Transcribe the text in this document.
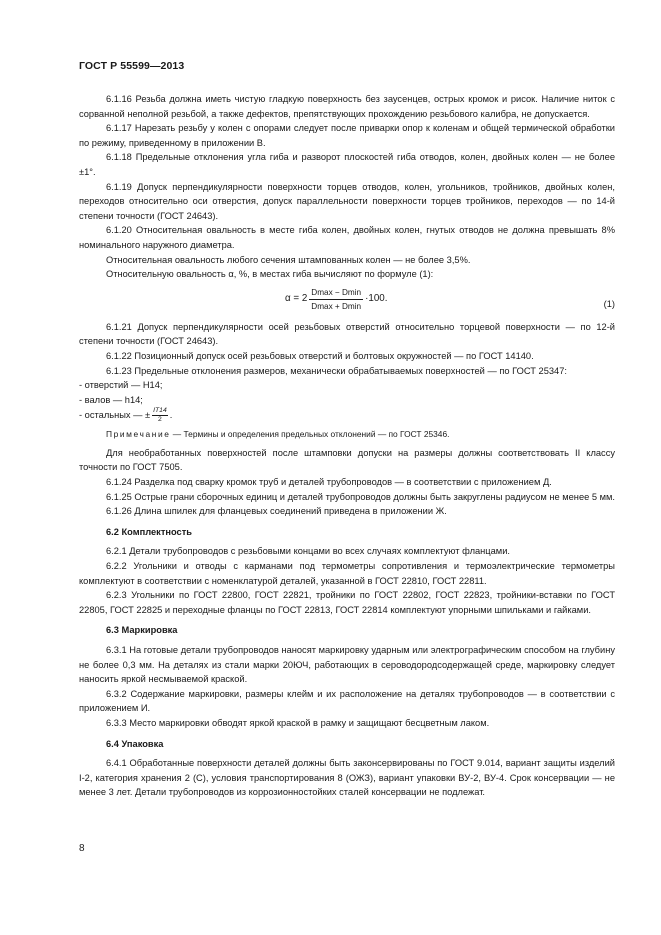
ГОСТ Р 55599—2013

6.1.16 Резьба должна иметь чистую гладкую поверхность без заусенцев, острых кромок и рисок. Наличие ниток с сорванной неполной резьбой, а также дефектов, препятствующих прохождению резьбового калибра, не допускается.

6.1.17 Нарезать резьбу у колен с опорами следует после приварки опор к коленам и общей термической обработки по режиму, приведенному в приложении В.

6.1.18 Предельные отклонения угла гиба и разворот плоскостей гиба отводов, колен, двойных колен — не более ±1°.

6.1.19 Допуск перпендикулярности поверхности торцев отводов, колен, угольников, тройников, двойных колен, переходов относительно оси отверстия, допуск параллельности поверхности торцев тройников, переходов — по 14-й степени точности (ГОСТ 24643).

6.1.20 Относительная овальность в месте гиба колен, двойных колен, гнутых отводов не должна превышать 8% номинального наружного диаметра.

Относительная овальность любого сечения штампованных колен — не более 3,5%.

Относительную овальность α, %, в местах гиба вычисляют по формуле (1):

$\alpha = 2 \frac{Dmax - Dmin}{Dmax + Dmin} \cdot 100$.	(1)

6.1.21 Допуск перпендикулярности осей резьбовых отверстий относительно торцевой поверхности — по 12-й степени точности (ГОСТ 24643).

6.1.22 Позиционный допуск осей резьбовых отверстий и болтовых окружностей — по ГОСТ 14140.

6.1.23 Предельные отклонения размеров, механически обрабатываемых поверхностей — по ГОСТ 25347:

- отверстий — H14;

- валов — h14;

- остальных — ± $\frac{IT14}{2}$ .

Примечание — Термины и определения предельных отклонений — по ГОСТ 25346.

Для необработанных поверхностей после штамповки допуски на размеры должны соответствовать II классу точности по ГОСТ 7505.

6.1.24 Разделка под сварку кромок труб и деталей трубопроводов — в соответствии с приложением Д.

6.1.25 Острые грани сборочных единиц и деталей трубопроводов должны быть закруглены радиусом не менее 5 мм.

6.1.26 Длина шпилек для фланцевых соединений приведена в приложении Ж.

6.2 Комплектность

6.2.1 Детали трубопроводов с резьбовыми концами во всех случаях комплектуют фланцами.

6.2.2 Угольники и отводы с карманами под термометры сопротивления и термоэлектрические термометры комплектуют в соответствии с номенклатурой деталей, указанной в ГОСТ 22810, ГОСТ 22811.

6.2.3 Угольники по ГОСТ 22800, ГОСТ 22821, тройники по ГОСТ 22802, ГОСТ 22823, тройники-вставки по ГОСТ 22805, ГОСТ 22825 и переходные фланцы по ГОСТ 22813, ГОСТ 22814 комплектуют упорными шпильками и гайками.

6.3 Маркировка

6.3.1 На готовые детали трубопроводов наносят маркировку ударным или электрографическим способом на глубину не более 0,3 мм. На деталях из стали марки 20ЮЧ, работающих в сероводородсодержащей среде, маркировку следует наносить яркой несмываемой краской.

6.3.2 Содержание маркировки, размеры клейм и их расположение на деталях трубопроводов — в соответствии с приложением И.

6.3.3 Место маркировки обводят яркой краской в рамку и защищают бесцветным лаком.

6.4 Упаковка

6.4.1 Обработанные поверхности деталей должны быть законсервированы по ГОСТ 9.014, вариант защиты изделий I-2, категория хранения 2 (С), условия транспортирования 8 (ОЖЗ), вариант упаковки ВУ-2, ВУ-4. Срок консервации — не менее 3 лет. Детали трубопроводов из коррозионностойких сталей консервации не подлежат.

8
